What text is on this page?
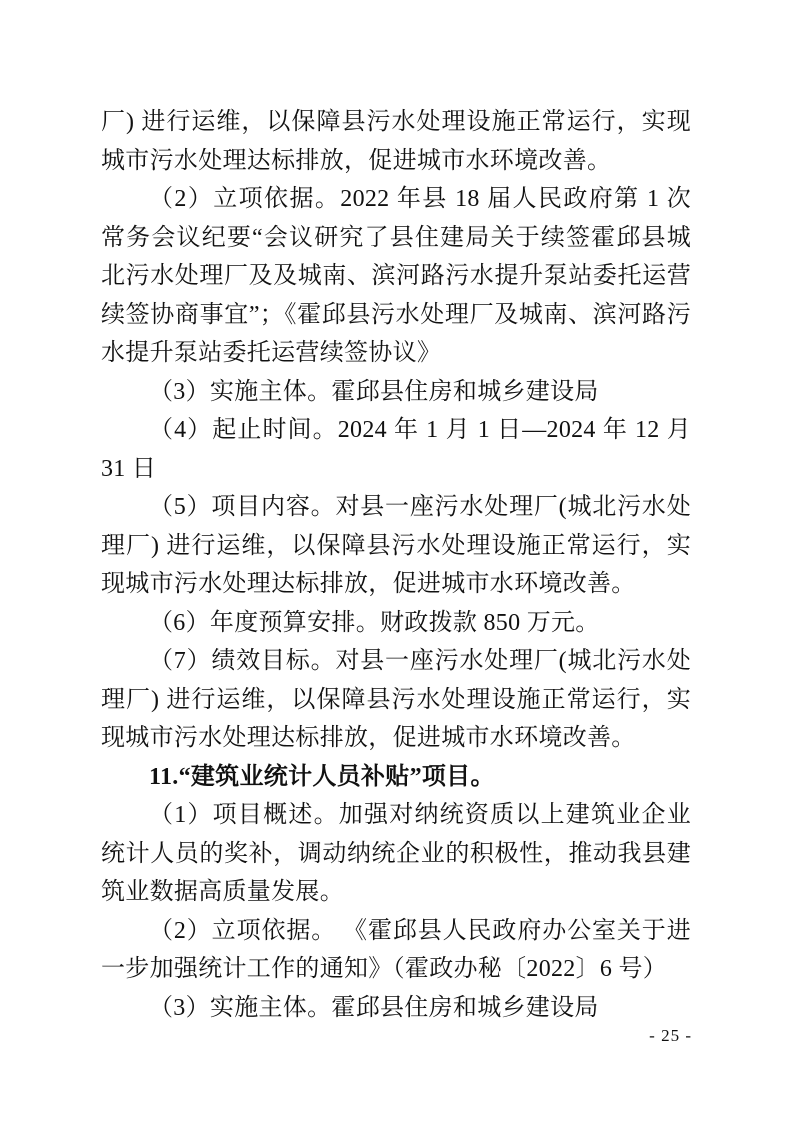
厂) 进行运维，以保障县污水处理设施正常运行，实现城市污水处理达标排放，促进城市水环境改善。

（2）立项依据。2022 年县 18 届人民政府第 1 次常务会议纪要“会议研究了县住建局关于续签霍邱县城北污水处理厂及及城南、滨河路污水提升泵站委托运营续签协商事宜”；《霍邱县污水处理厂及城南、滨河路污水提升泵站委托运营续签协议》

（3）实施主体。霍邱县住房和城乡建设局

（4）起止时间。2024 年 1 月 1 日—2024 年 12 月 31 日

（5）项目内容。对县一座污水处理厂(城北污水处理厂) 进行运维，以保障县污水处理设施正常运行，实现城市污水处理达标排放，促进城市水环境改善。

（6）年度预算安排。财政拨款 850 万元。

（7）绩效目标。对县一座污水处理厂(城北污水处理厂) 进行运维，以保障县污水处理设施正常运行，实现城市污水处理达标排放，促进城市水环境改善。

11.“建筑业统计人员补贴”项目。

（1）项目概述。加强对纳统资质以上建筑业企业统计人员的奖补，调动纳统企业的积极性，推动我县建筑业数据高质量发展。

（2）立项依据。 《霍邱县人民政府办公室关于进一步加强统计工作的通知》（霍政办秘〔2022〕6 号）

（3）实施主体。霍邱县住房和城乡建设局

- 25 -
